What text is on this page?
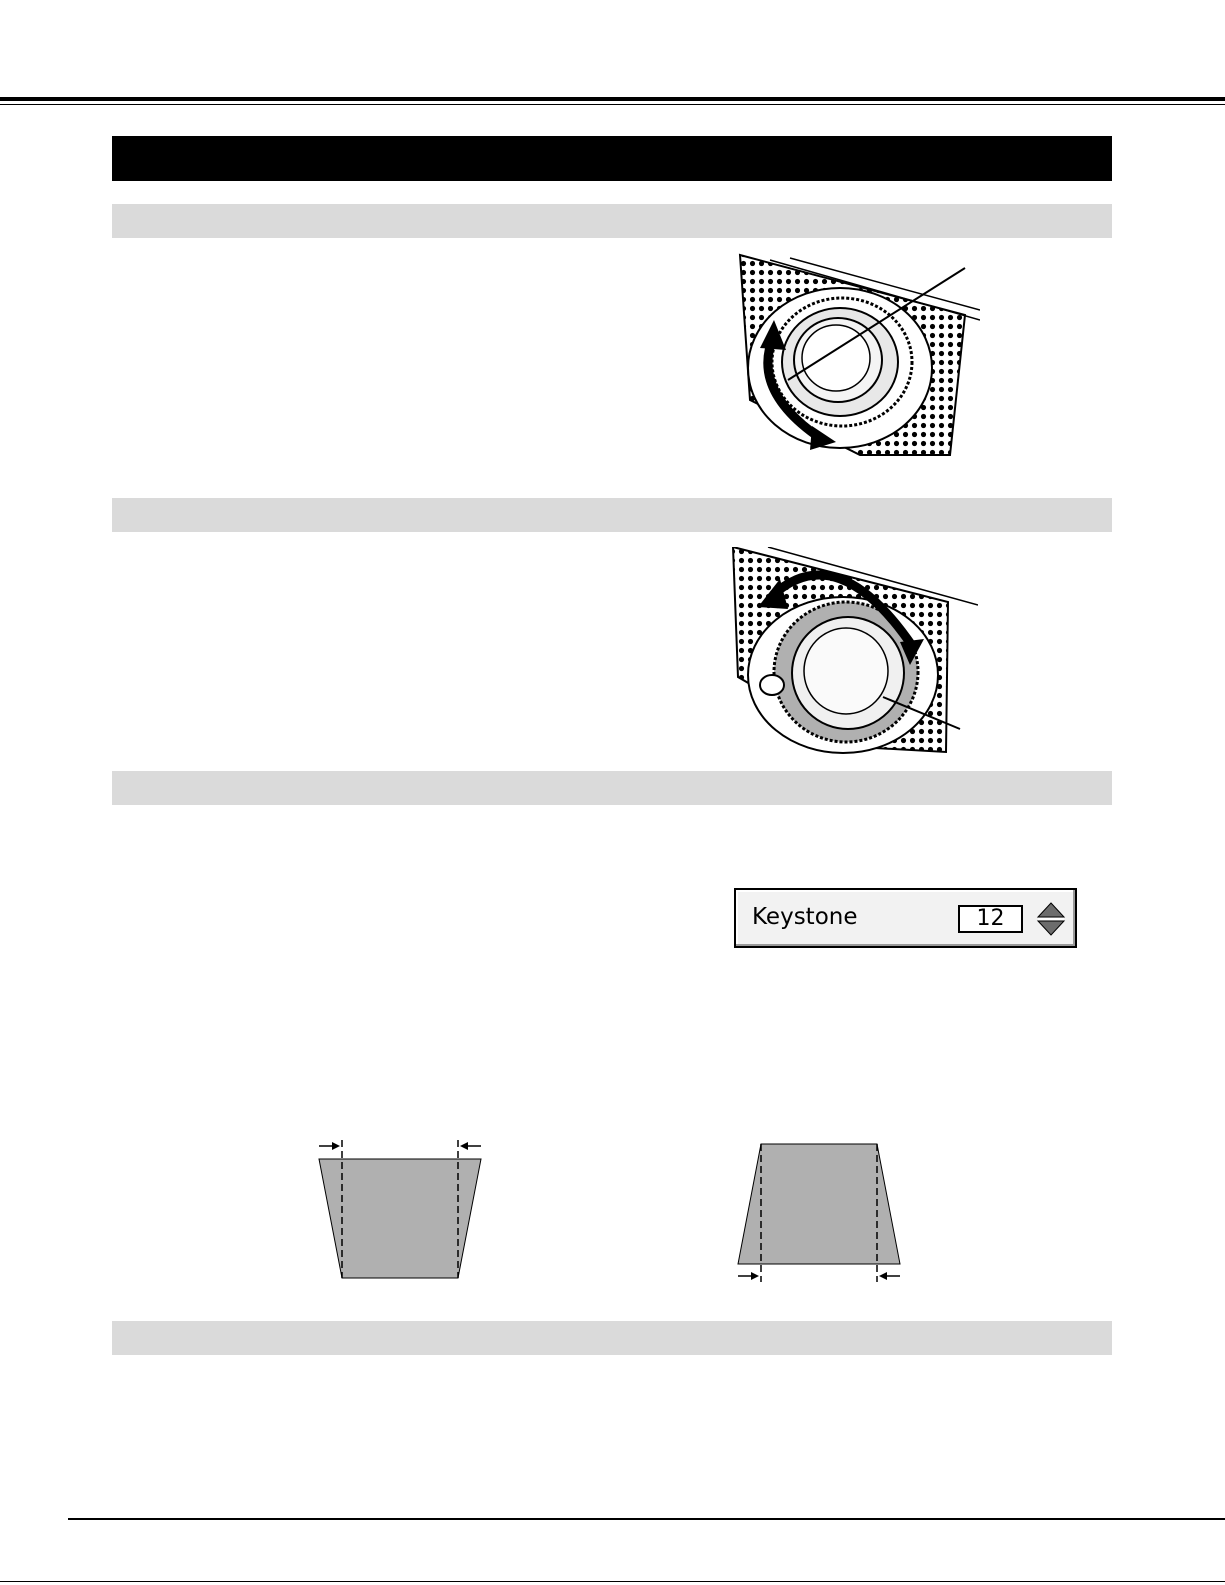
Keystone	12
